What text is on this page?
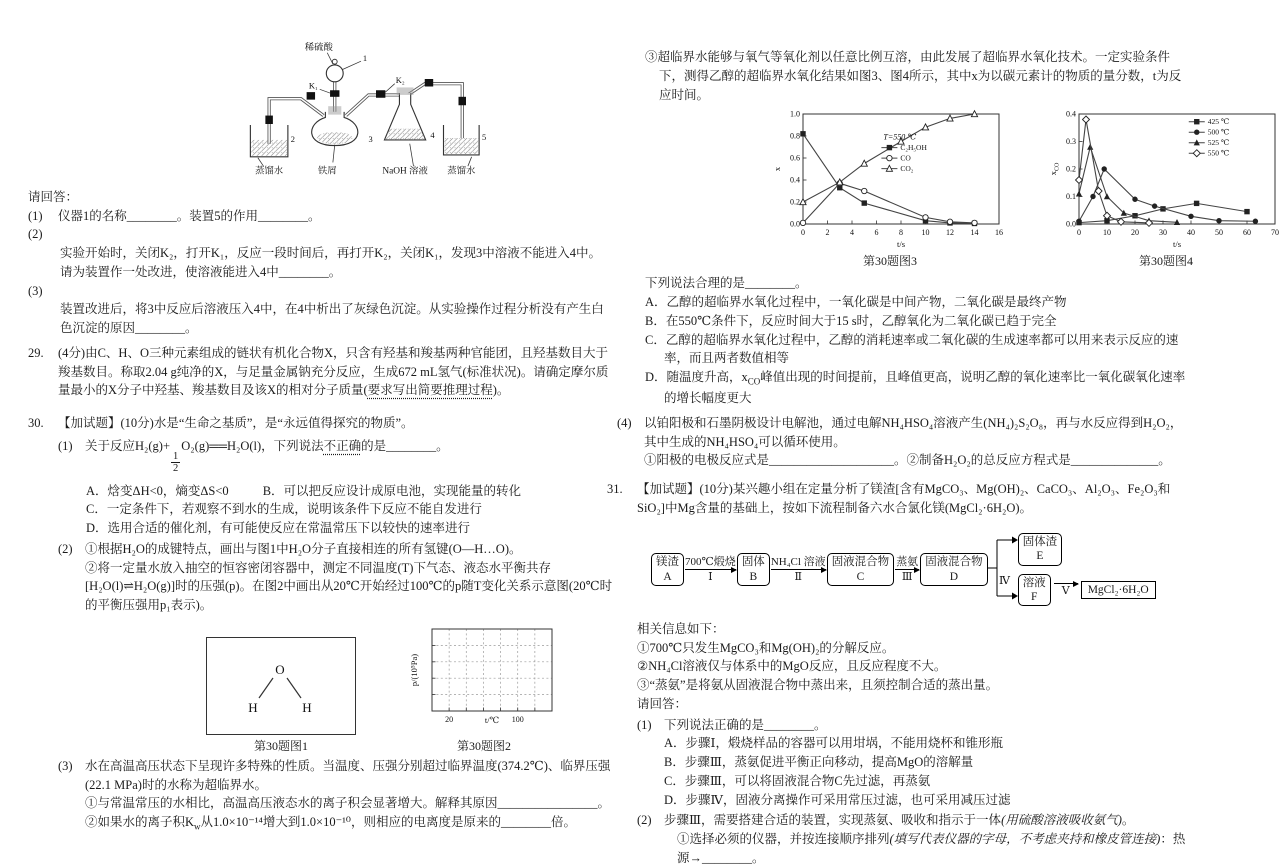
K₁
1
稀硫酸
3
铁屑
2
蒸馏水
K₂
4
NaOH 溶液
5
蒸馏水
请回答：
(1)	仪器1的名称________。装置5的作用________。
(2)
实验开始时，关闭K₂，打开K₁，反应一段时间后，再打开K₂，关闭K₁，发现3中溶液不能进入4中。请为装置作一处改进，使溶液能进入4中________。
(3)
装置改进后，将3中反应后溶液压入4中，在4中析出了灰绿色沉淀。从实验操作过程分析没有产生白色沉淀的原因________。
29.	(4分)由C、H、O三种元素组成的链状有机化合物X，只含有羟基和羧基两种官能团，且羟基数目大于羧基数目。称取2.04 g纯净的X，与足量金属钠充分反应，生成672 mL氢气(标准状况)。请确定摩尔质量最小的X分子中羟基、羧基数目及该X的相对分子质量(要求写出简要推理过程)。
30.	【加试题】(10分)水是“生命之基质”，是“永远值得探究的物质”。
(1) 关于反应H₂(g)+
$\frac{1}{2}$
O₂(g)══H₂O(l)，下列说法不正确的是________。
A．焓变ΔH<0，熵变ΔS<0	B．可以把反应设计成原电池，实现能量的转化
C．一定条件下，若观察不到水的生成，说明该条件下反应不能自发进行
D．选用合适的催化剂，有可能使反应在常温常压下以较快的速率进行
(2) ①根据H₂O的成键特点，画出与图1中H₂O分子直接相连的所有氢键(O—H…O)。
②将一定量水放入抽空的恒容密闭容器中，测定不同温度(T)下气态、液态水平衡共存[H₂O(l)⇌H₂O(g)]时的压强(p)。在图2中画出从20℃开始经过100℃的p随T变化关系示意图(20℃时的平衡压强用p₁表示)。
O
H	H
第30题图1
20	100
t/℃
p/(10⁵Pa)
第30题图2
(3) 水在高温高压状态下呈现许多特殊的性质。当温度、压强分别超过临界温度(374.2℃)、临界压强(22.1 MPa)时的水称为超临界水。
①与常温常压的水相比，高温高压液态水的离子积会显著增大。解释其原因________________。
②如果水的离子积$K_w$从1.0×10⁻¹⁴增大到1.0×10⁻¹⁰，则相应的电离度是原来的________倍。
③超临界水能够与氧气等氧化剂以任意比例互溶，由此发展了超临界水氧化技术。一定实验条件下，测得乙醇的超临界水氧化结果如图3、图4所示，其中x为以碳元素计的物质的量分数，t为反应时间。
0	2	4	6	8 10 12 14 16
0.0
0.2
0.4
0.6
0.8
1.0
T=550 ℃
C₂H₅OH
CO
CO₂
t/s
x
第30题图3
0	10	20	30	40	50	60	70
0.0
0.1
0.2
0.3
0.4
425 ℃
500 ℃
525 ℃
550 ℃
t/s
$x_{CO}$
第30题图4
下列说法合理的是________。
A．乙醇的超临界水氧化过程中，一氧化碳是中间产物，二氧化碳是最终产物
B．在550℃条件下，反应时间大于15 s时，乙醇氧化为二氧化碳已趋于完全
C．乙醇的超临界水氧化过程中，乙醇的消耗速率或二氧化碳的生成速率都可以用来表示反应的速率，而且两者数值相等
D．随温度升高，$x_{CO}$峰值出现的时间提前，且峰值更高，说明乙醇的氧化速率比一氧化碳氧化速率的增长幅度更大
(4) 以铂阳极和石墨阴极设计电解池，通过电解NH₄HSO₄溶液产生(NH₄)₂S₂O₈，再与水反应得到H₂O₂，其中生成的NH₄HSO₄可以循环使用。
①阳极的电极反应式是____________________。②制备H₂O₂的总反应方程式是______________。
31.	【加试题】(10分)某兴趣小组在定量分析了镁渣[含有MgCO₃、Mg(OH)₂、CaCO₃、Al₂O₃、Fe₂O₃和SiO₂]中Mg含量的基础上，按如下流程制备六水合氯化镁(MgCl₂·6H₂O)。
镁渣
A
700℃煅烧
Ⅰ
固体
B
NH₄Cl 溶液
Ⅱ
固液混合物
C
蒸氨
Ⅲ
固液混合物
D	Ⅳ
固体渣
E
溶液
F Ⅴ	MgCl₂·6H₂O
相关信息如下：
①700℃只发生MgCO₃和Mg(OH)₂的分解反应。
②NH₄Cl溶液仅与体系中的MgO反应，且反应程度不大。
③“蒸氨”是将氨从固液混合物中蒸出来，且须控制合适的蒸出量。
请回答：
(1) 下列说法正确的是________。
A．步骤Ⅰ，煅烧样品的容器可以用坩埚，不能用烧杯和锥形瓶
B．步骤Ⅲ，蒸氨促进平衡正向移动，提高MgO的溶解量
C．步骤Ⅲ，可以将固液混合物C先过滤，再蒸氨
D．步骤Ⅳ，固液分离操作可采用常压过滤，也可采用减压过滤
(2) 步骤Ⅲ，需要搭建合适的装置，实现蒸氨、吸收和指示于一体(用硫酸溶液吸收氨气)。
①选择必须的仪器，并按连接顺序排列(填写代表仪器的字母，不考虑夹持和橡皮管连接)：热源→________。
